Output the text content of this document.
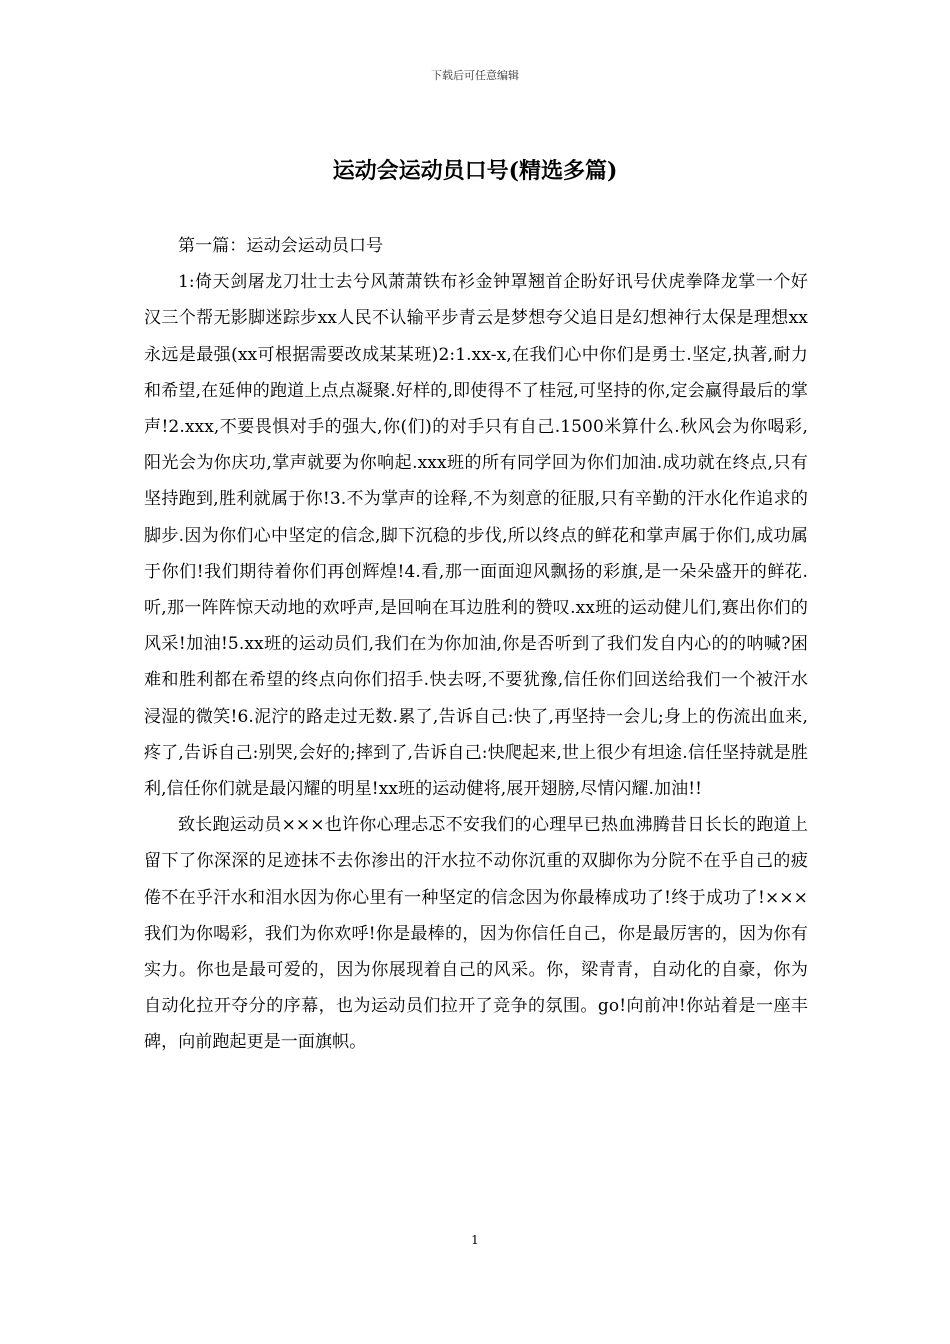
下载后可任意编辑
运动会运动员口号(精选多篇)

第一篇：运动会运动员口号

1:倚天剑屠龙刀壮士去兮风萧萧铁布衫金钟罩翘首企盼好讯号伏虎拳降龙掌一个好汉三个帮无影脚迷踪步xx人民不认输平步青云是梦想夸父追日是幻想神行太保是理想xx永远是最强(xx可根据需要改成某某班)2:1.xx-x,在我们心中你们是勇士.坚定,执著,耐力和希望,在延伸的跑道上点点凝聚.好样的,即使得不了桂冠,可坚持的你,定会赢得最后的掌声!2.xxx,不要畏惧对手的强大,你(们)的对手只有自己.1500米算什么.秋风会为你喝彩,阳光会为你庆功,掌声就要为你响起.xxx班的所有同学回为你们加油.成功就在终点,只有坚持跑到,胜利就属于你!3.不为掌声的诠释,不为刻意的征服,只有辛勤的汗水化作追求的脚步.因为你们心中坚定的信念,脚下沉稳的步伐,所以终点的鲜花和掌声属于你们,成功属于你们!我们期待着你们再创辉煌!4.看,那一面面迎风飘扬的彩旗,是一朵朵盛开的鲜花.听,那一阵阵惊天动地的欢呼声,是回响在耳边胜利的赞叹.xx班的运动健儿们,赛出你们的风采!加油!5.xx班的运动员们,我们在为你加油,你是否听到了我们发自内心的的呐喊?困难和胜利都在希望的终点向你们招手.快去呀,不要犹豫,信任你们回送给我们一个被汗水浸湿的微笑!6.泥泞的路走过无数.累了,告诉自己:快了,再坚持一会儿;身上的伤流出血来,疼了,告诉自己:别哭,会好的;摔到了,告诉自己:快爬起来,世上很少有坦途.信任坚持就是胜利,信任你们就是最闪耀的明星!xx班的运动健将,展开翅膀,尽情闪耀.加油!!

致长跑运动员×××也许你心理忐忑不安我们的心理早已热血沸腾昔日长长的跑道上留下了你深深的足迹抹不去你渗出的汗水拉不动你沉重的双脚你为分院不在乎自己的疲倦不在乎汗水和泪水因为你心里有一种坚定的信念因为你最棒成功了!终于成功了!×××我们为你喝彩，我们为你欢呼!你是最棒的，因为你信任自己，你是最厉害的，因为你有实力。你也是最可爱的，因为你展现着自己的风采。你，梁青青，自动化的自豪，你为自动化拉开夺分的序幕，也为运动员们拉开了竞争的氛围。go!向前冲!你站着是一座丰碑，向前跑起更是一面旗帜。

1
